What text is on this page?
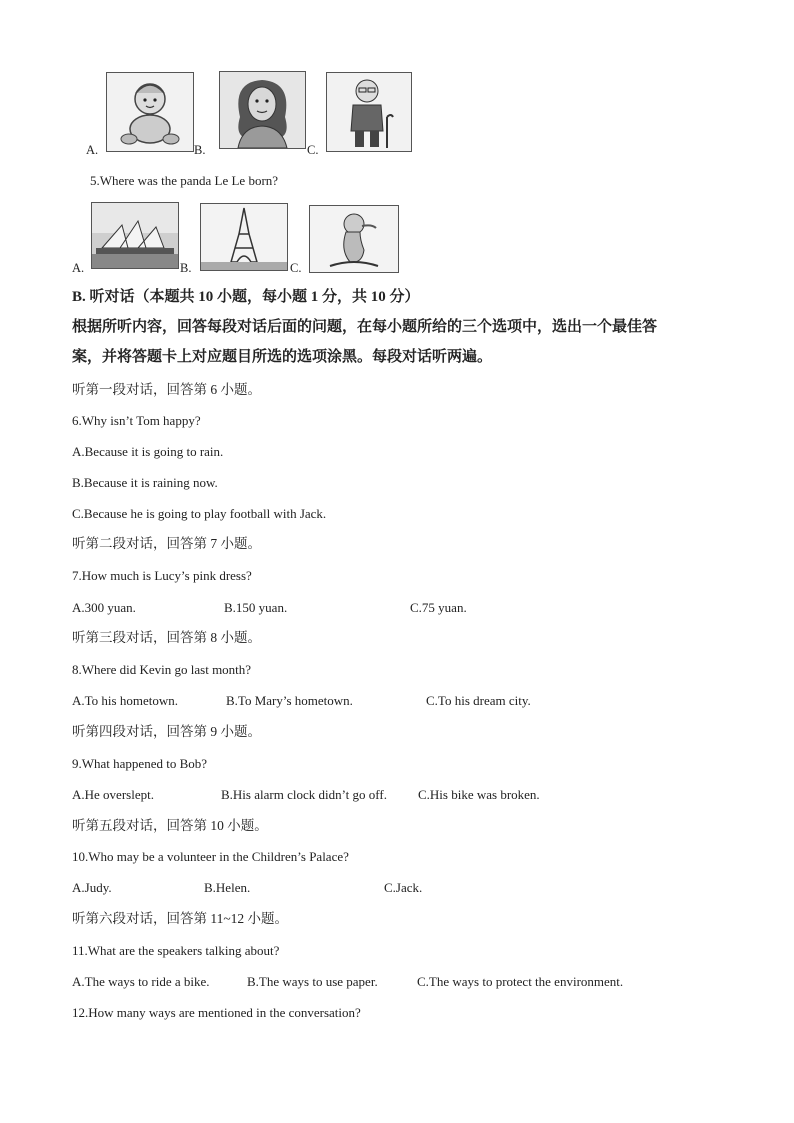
A.	B.	C.
5.Where was the panda Le Le born?
A.	B.	C.
B. 听对话（本题共 10 小题，每小题 1 分，共 10 分）
根据所听内容，回答每段对话后面的问题，在每小题所给的三个选项中，选出一个最佳答
案，并将答题卡上对应题目所选的选项涂黑。每段对话听两遍。
听第一段对话，回答第 6 小题。
6.Why isn’t Tom happy?
A.Because it is going to rain.
B.Because it is raining now.
C.Because he is going to play football with Jack.
听第二段对话，回答第 7 小题。
7.How much is Lucy’s pink dress?
A.300 yuan.	B.150 yuan.	C.75 yuan.
听第三段对话，回答第 8 小题。
8.Where did Kevin go last month?
A.To his hometown.	B.To Mary’s hometown.	C.To his dream city.
听第四段对话，回答第 9 小题。
9.What happened to Bob?
A.He overslept.	B.His alarm clock didn’t go off. C.His bike was broken.
听第五段对话，回答第 10 小题。
10.Who may be a volunteer in the Children’s Palace?
A.Judy.	B.Helen.	C.Jack.
听第六段对话，回答第 11~12 小题。
11.What are the speakers talking about?
A.The ways to ride a bike.	B.The ways to use paper.	C.The ways to protect the environment.
12.How many ways are mentioned in the conversation?
